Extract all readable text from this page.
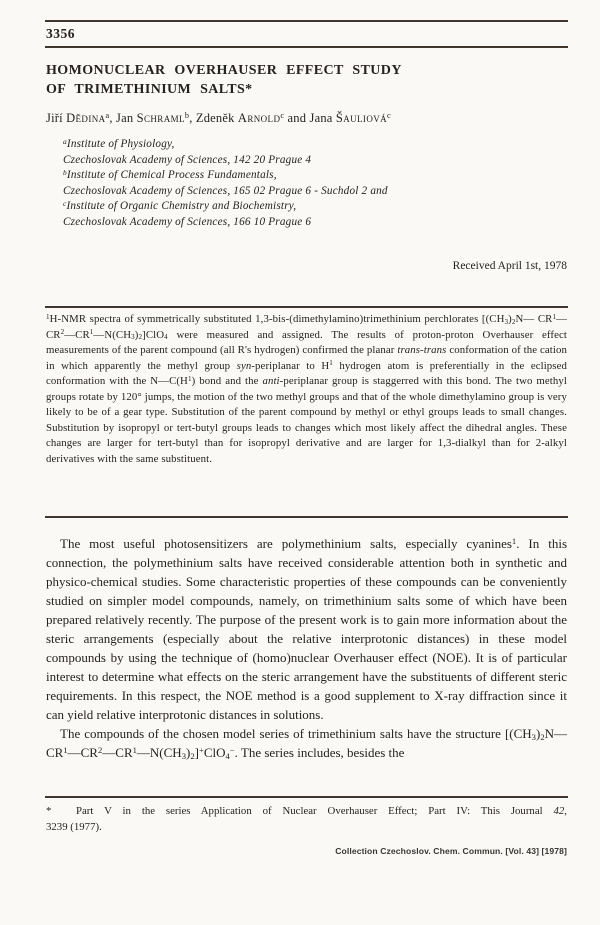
3356
HOMONUCLEAR OVERHAUSER EFFECT STUDY
OF TRIMETHINIUM SALTS*
Jiří Dědina$^a$, Jan Schraml$^b$, Zdeněk Arnold$^c$ and Jana Šauliová$^c$
$^a$Institute of Physiology,
Czechoslovak Academy of Sciences, 142 20 Prague 4
$^b$Institute of Chemical Process Fundamentals,
Czechoslovak Academy of Sciences, 165 02 Prague 6 - Suchdol 2 and
$^c$Institute of Organic Chemistry and Biochemistry,
Czechoslovak Academy of Sciences, 166 10 Prague 6
Received April 1st, 1978

$^1$H-NMR spectra of symmetrically substituted 1,3-bis-(dimethylamino)trimethinium perchlorates [$(CH_3)_2N—$ $CR^1—CR^2—CR^1—N(CH_3)_2]ClO_4$ were measured and assigned. The results of proton-proton Overhauser effect measurements of the parent compound (all R's hydrogen) confirmed the planar trans-trans conformation of the cation in which apparently the methyl group syn-periplanar to $H^1$ hydrogen atom is preferentially in the eclipsed conformation with the $N—C(H^1)$ bond and the anti-periplanar group is staggerred with this bond. The two methyl groups rotate by 120° jumps, the motion of the two methyl groups and that of the whole dimethylamino group is very likely to be of a gear type. Substitution of the parent compound by methyl or ethyl groups leads to small changes. Substitution by isopropyl or tert-butyl groups leads to changes which most likely affect the dihedral angles. These changes are larger for tert-butyl than for isopropyl derivative and are larger for 1,3-dialkyl than for 2-alkyl derivatives with the same substituent.

The most useful photosensitizers are polymethinium salts, especially cyanines$^1$. In this connection, the polymethinium salts have received considerable attention both in synthetic and physico-chemical studies. Some characteristic properties of these compounds can be conveniently studied on simpler model compounds, namely, on trimethinium salts some of which have been prepared relatively recently. The purpose of the present work is to gain more information about the steric arrangements (especially about the relative interprotonic distances) in these model compounds by using the technique of (homo)nuclear Overhauser effect (NOE). It is of particular interest to determine what effects on the steric arrangement have the substituents of different steric requirements. In this respect, the NOE method is a good supplement to X-ray diffraction since it can yield relative interprotonic distances in solutions.

The compounds of the chosen model series of trimethinium salts have the structure $[(CH_3)_2N—CR^1—CR^2—CR^1—N(CH_3)_2]^+ClO_4^-$. The series includes, besides the

*	Part V in the series Application of Nuclear Overhauser Effect; Part IV: This Journal 42,
3239 (1977).
Collection Czechoslov. Chem. Commun. [Vol. 43] [1978]
